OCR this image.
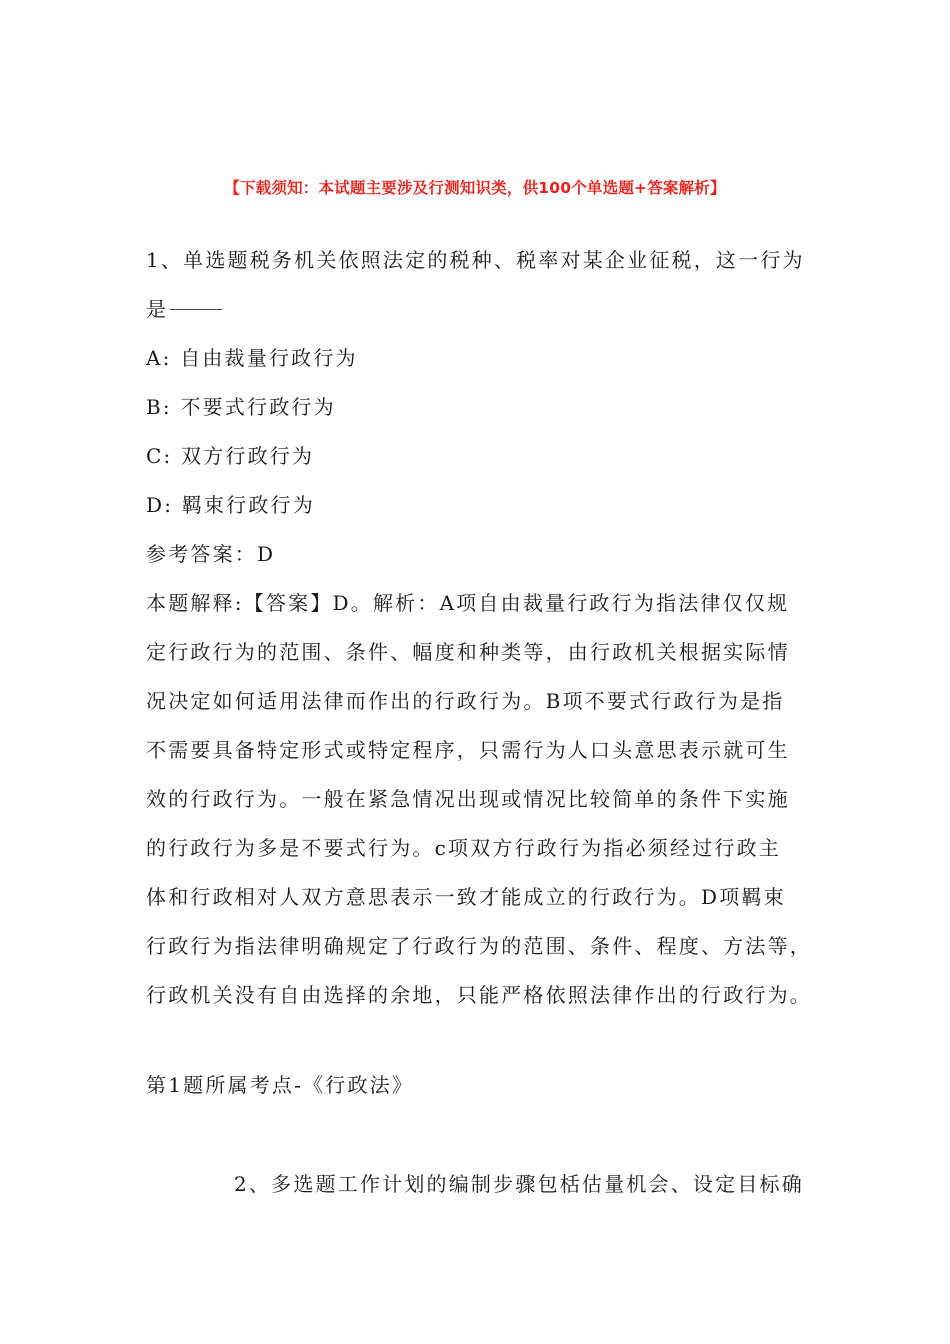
【下载须知：本试题主要涉及行测知识类，供100个单选题+答案解析】

1、单选题税务机关依照法定的税种、税率对某企业征税，这一行为
是

A: 自由裁量行政行为

B: 不要式行政行为

C: 双方行政行为

D: 羁束行政行为

参考答案：D

本题解释:【答案】D。解析：A项自由裁量行政行为指法律仅仅规

定行政行为的范围、条件、幅度和种类等，由行政机关根据实际情

况决定如何适用法律而作出的行政行为。B项不要式行政行为是指

不需要具备特定形式或特定程序，只需行为人口头意思表示就可生

效的行政行为。一般在紧急情况出现或情况比较简单的条件下实施

的行政行为多是不要式行为。c项双方行政行为指必须经过行政主

体和行政相对人双方意思表示一致才能成立的行政行为。D项羁束

行政行为指法律明确规定了行政行为的范围、条件、程度、方法等，

行政机关没有自由选择的余地，只能严格依照法律作出的行政行为。

第1题所属考点-《行政法》

2、多选题工作计划的编制步骤包栝估量机会、设定目标确
